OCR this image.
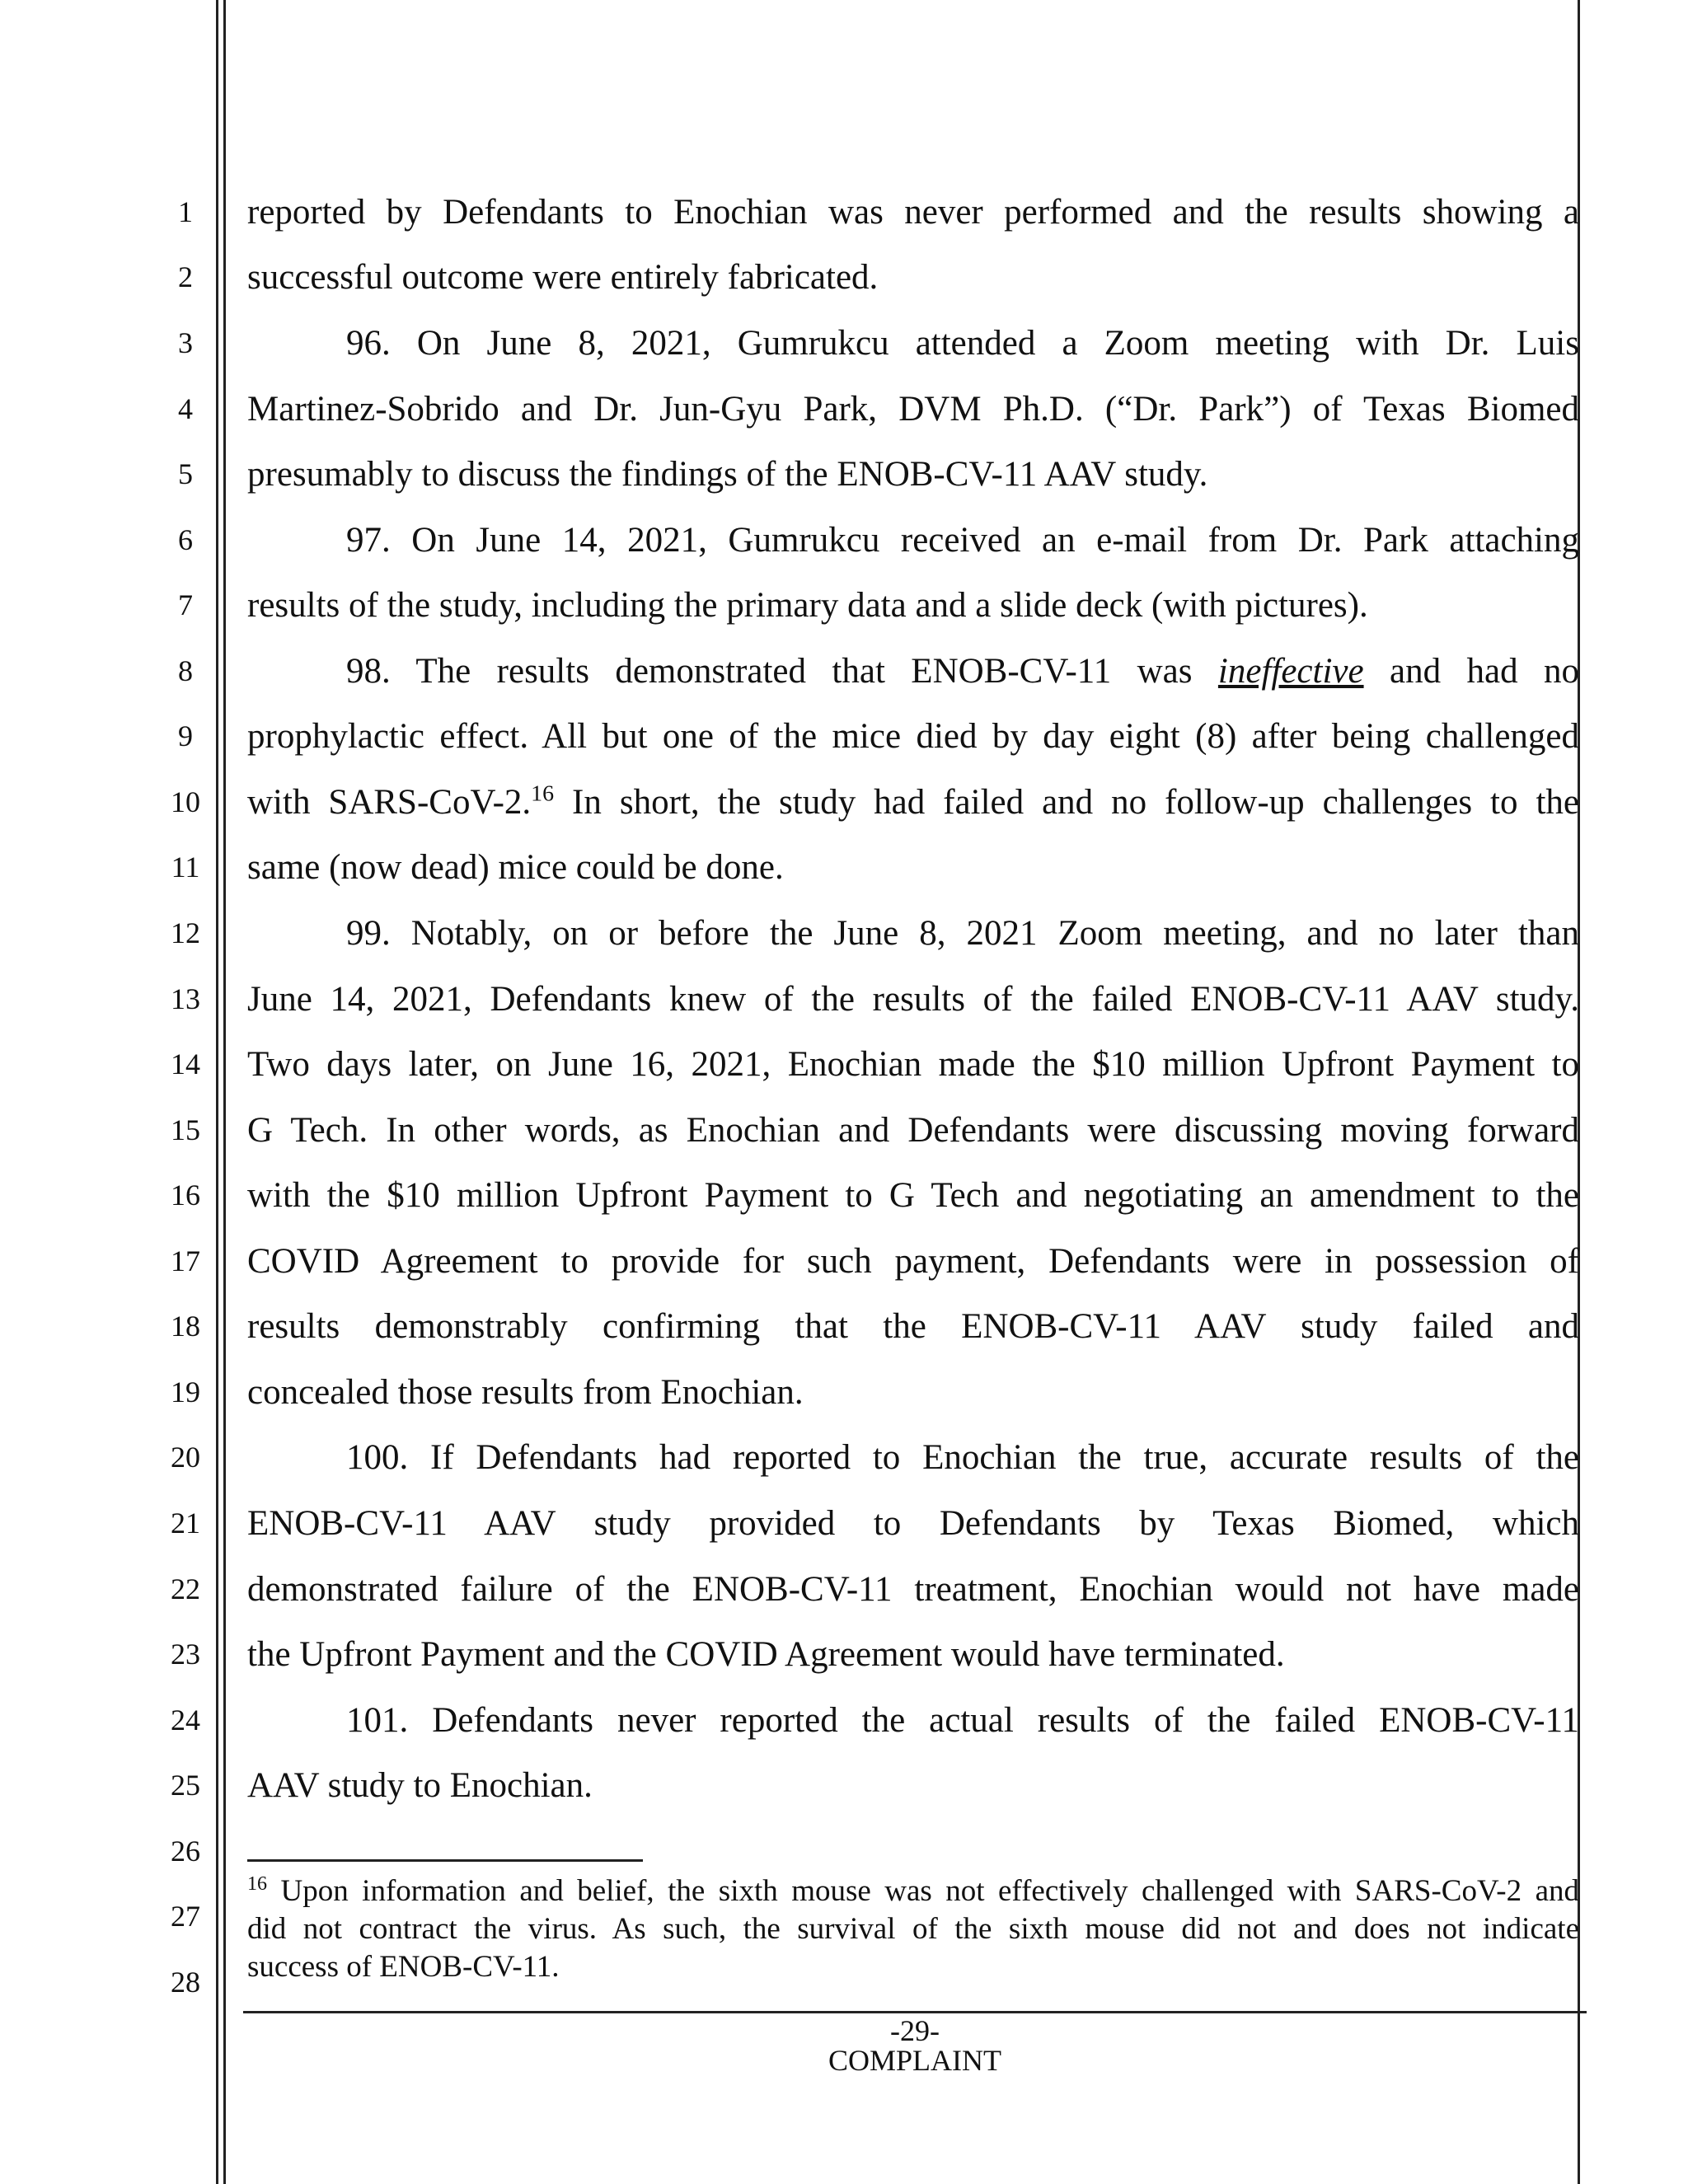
1
2
3
4
5
6
7
8
9
10
11
12
13
14
15
16
17
18
19
20
21
22
23
24
25
26
27
28
reported by Defendants to Enochian was never performed and the results showing a
successful outcome were entirely fabricated.
96. On June 8, 2021, Gumrukcu attended a Zoom meeting with Dr. Luis
Martinez-Sobrido and Dr. Jun-Gyu Park, DVM Ph.D. (“Dr. Park”) of Texas Biomed
presumably to discuss the findings of the ENOB-CV-11 AAV study.
97. On June 14, 2021, Gumrukcu received an e-mail from Dr. Park attaching
results of the study, including the primary data and a slide deck (with pictures).
98. The results demonstrated that ENOB-CV-11 was ineffective and had no
prophylactic effect. All but one of the mice died by day eight (8) after being challenged
with SARS-CoV-2.16 In short, the study had failed and no follow-up challenges to the
same (now dead) mice could be done.
99. Notably, on or before the June 8, 2021 Zoom meeting, and no later than
June 14, 2021, Defendants knew of the results of the failed ENOB-CV-11 AAV study.
Two days later, on June 16, 2021, Enochian made the $10 million Upfront Payment to
G Tech. In other words, as Enochian and Defendants were discussing moving forward
with the $10 million Upfront Payment to G Tech and negotiating an amendment to the
COVID Agreement to provide for such payment, Defendants were in possession of
results demonstrably confirming that the ENOB-CV-11 AAV study failed and
concealed those results from Enochian.
100. If Defendants had reported to Enochian the true, accurate results of the
ENOB-CV-11 AAV study provided to Defendants by Texas Biomed, which
demonstrated failure of the ENOB-CV-11 treatment, Enochian would not have made
the Upfront Payment and the COVID Agreement would have terminated.
101. Defendants never reported the actual results of the failed ENOB-CV-11
AAV study to Enochian.
$^{16}$ Upon information and belief, the sixth mouse was not effectively challenged with SARS-CoV-2 and
did not contract the virus. As such, the survival of the sixth mouse did not and does not indicate
success of ENOB-CV-11.
-29-
COMPLAINT
